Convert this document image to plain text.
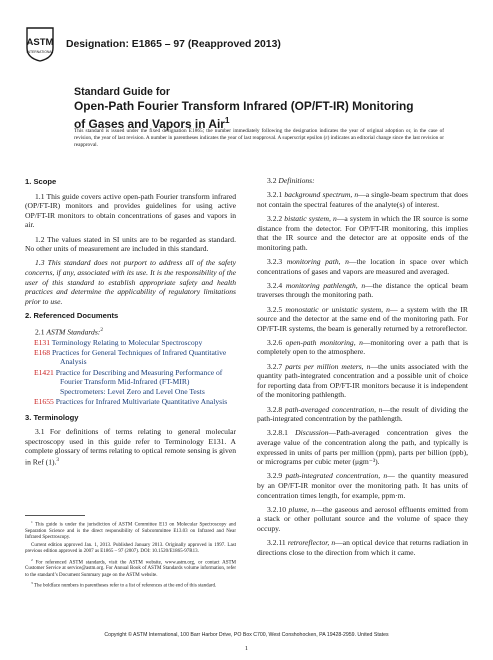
ASTM
INTERNATIONAL
Designation: E1865 – 97 (Reapproved 2013)
Standard Guide for
Open-Path Fourier Transform Infrared (OP/FT-IR) Monitoring
of Gases and Vapors in Air$^1$
This standard is issued under the fixed designation E1865; the number immediately following the designation indicates the year of original adoption or, in the case of revision, the year of last revision. A number in parentheses indicates the year of last reapproval. A superscript epsilon (ε) indicates an editorial change since the last revision or reapproval.
1. Scope

1.1 This guide covers active open-path Fourier transform infrared (OP/FT-IR) monitors and provides guidelines for using active OP/FT-IR monitors to obtain concentrations of gases and vapors in air.

1.2 The values stated in SI units are to be regarded as standard. No other units of measurement are included in this standard.

1.3 This standard does not purport to address all of the safety concerns, if any, associated with its use. It is the responsibility of the user of this standard to establish appropriate safety and health practices and determine the applicability of regulatory limitations prior to use.

2. Referenced Documents

2.1 ASTM Standards:$^2$

E131 Terminology Relating to Molecular Spectroscopy
E168 Practices for General Techniques of Infrared Quantitative Analysis
E1421 Practice for Describing and Measuring Performance of Fourier Transform Mid-Infrared (FT-MIR) Spectrometers: Level Zero and Level One Tests
E1655 Practices for Infrared Multivariate Quantitative Analysis
3. Terminology

3.1 For definitions of terms relating to general molecular spectroscopy used in this guide refer to Terminology E131. A complete glossary of terms relating to optical remote sensing is given in Ref (1).$^3$

3.2 Definitions:

3.2.1 background spectrum, n—a single-beam spectrum that does not contain the spectral features of the analyte(s) of interest.

3.2.2 bistatic system, n—a system in which the IR source is some distance from the detector. For OP/FT-IR monitoring, this implies that the IR source and the detector are at opposite ends of the monitoring path.

3.2.3 monitoring path, n—the location in space over which concentrations of gases and vapors are measured and averaged.

3.2.4 monitoring pathlength, n—the distance the optical beam traverses through the monitoring path.

3.2.5 monostatic or unistatic system, n— a system with the IR source and the detector at the same end of the monitoring path. For OP/FT-IR systems, the beam is generally returned by a retroreflector.

3.2.6 open-path monitoring, n—monitoring over a path that is completely open to the atmosphere.

3.2.7 parts per million meters, n—the units associated with the quantity path-integrated concentration and a possible unit of choice for reporting data from OP/FT-IR monitors because it is independent of the monitoring pathlength.

3.2.8 path-averaged concentration, n—the result of dividing the path-integrated concentration by the pathlength.

3.2.8.1 Discussion—Path-averaged concentration gives the average value of the concentration along the path, and typically is expressed in units of parts per million (ppm), parts per billion (ppb), or micrograms per cubic meter (μgm⁻³).

3.2.9 path-integrated concentration, n— the quantity measured by an OP/FT-IR monitor over the monitoring path. It has units of concentration times length, for example, ppm·m.

3.2.10 plume, n—the gaseous and aerosol effluents emitted from a stack or other pollutant source and the volume of space they occupy.

3.2.11 retroreflector, n—an optical device that returns radiation in directions close to the direction from which it came.

$^1$ This guide is under the jurisdiction of ASTM Committee E13 on Molecular Spectroscopy and Separation Science and is the direct responsibility of Subcommittee E13.03 on Infrared and Near Infrared Spectroscopy.

Current edition approved Jan. 1, 2013. Published January 2013. Originally approved in 1997. Last previous edition approved in 2007 as E1865 – 97 (2007). DOI: 10.1520/E1865-97R13.

$^2$ For referenced ASTM standards, visit the ASTM website, www.astm.org, or contact ASTM Customer Service at service@astm.org. For Annual Book of ASTM Standards volume information, refer to the standard’s Document Summary page on the ASTM website.

$^3$ The boldface numbers in parentheses refer to a list of references at the end of this standard.

Copyright © ASTM International, 100 Barr Harbor Drive, PO Box C700, West Conshohocken, PA 19428-2959. United States
1
